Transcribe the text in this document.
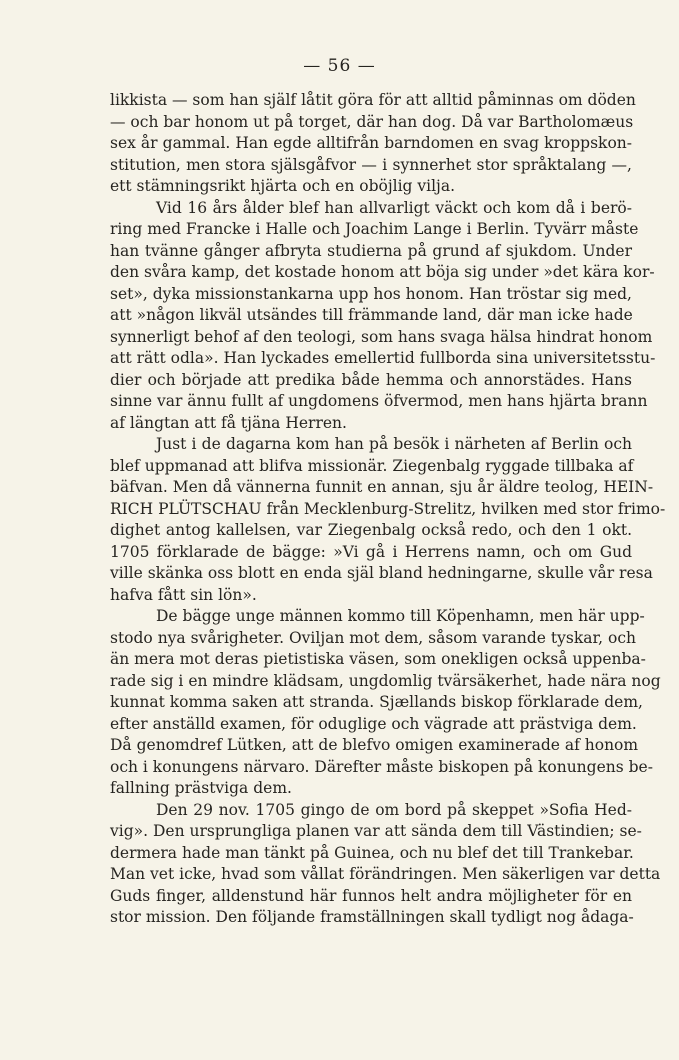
— 56 —
likkista — som han själf låtit göra för att alltid påminnas om döden
— och bar honom ut på torget, där han dog. Då var Bartholomæus
sex år gammal. Han egde alltifrån barndomen en svag kroppskon-
stitution, men stora själsgåfvor — i synnerhet stor språktalang —,
ett stämningsrikt hjärta och en oböjlig vilja.
Vid 16 års ålder blef han allvarligt väckt och kom då i berö-
ring med Francke i Halle och Joachim Lange i Berlin. Tyvärr måste
han tvänne gånger afbryta studierna på grund af sjukdom. Under
den svåra kamp, det kostade honom att böja sig under »det kära kor-
set», dyka missionstankarna upp hos honom. Han tröstar sig med,
att »någon likväl utsändes till främmande land, där man icke hade
synnerligt behof af den teologi, som hans svaga hälsa hindrat honom
att rätt odla». Han lyckades emellertid fullborda sina universitetsstu-
dier och började att predika både hemma och annorstädes. Hans
sinne var ännu fullt af ungdomens öfvermod, men hans hjärta brann
af längtan att få tjäna Herren.
Just i de dagarna kom han på besök i närheten af Berlin och
blef uppmanad att blifva missionär. Ziegenbalg ryggade tillbaka af
bäfvan. Men då vännerna funnit en annan, sju år äldre teolog, HEIN-
RICH PLÜTSCHAU från Mecklenburg-Strelitz, hvilken med stor frimo-
dighet antog kallelsen, var Ziegenbalg också redo, och den 1 okt.
1705 förklarade de bägge: »Vi gå i Herrens namn, och om Gud
ville skänka oss blott en enda själ bland hedningarne, skulle vår resa
hafva fått sin lön».
De bägge unge männen kommo till Köpenhamn, men här upp-
stodo nya svårigheter. Oviljan mot dem, såsom varande tyskar, och
än mera mot deras pietistiska väsen, som onekligen också uppenba-
rade sig i en mindre klädsam, ungdomlig tvärsäkerhet, hade nära nog
kunnat komma saken att stranda. Sjællands biskop förklarade dem,
efter anställd examen, för oduglige och vägrade att prästviga dem.
Då genomdref Lütken, att de blefvo omigen examinerade af honom
och i konungens närvaro. Därefter måste biskopen på konungens be-
fallning prästviga dem.
Den 29 nov. 1705 gingo de om bord på skeppet »Sofia Hed-
vig». Den ursprungliga planen var att sända dem till Västindien; se-
dermera hade man tänkt på Guinea, och nu blef det till Trankebar.
Man vet icke, hvad som vållat förändringen. Men säkerligen var detta
Guds finger, alldenstund här funnos helt andra möjligheter för en
stor mission. Den följande framställningen skall tydligt nog ådaga-
